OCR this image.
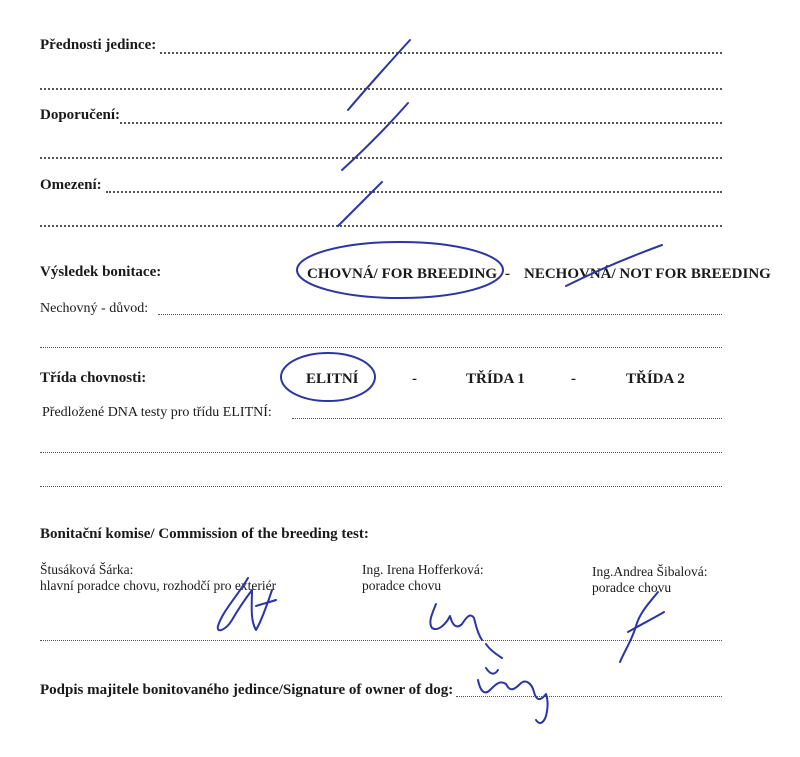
Přednosti jedince:
Doporučení:
Omezení:
Výsledek bonitace:	CHOVNÁ/ FOR BREEDING - NECHOVNÁ/ NOT FOR BREEDING
Nechovný - důvod:
Třída chovnosti:	ELITNÍ	-	TŘÍDA 1	-	TŘÍDA 2
Předložené DNA testy pro třídu ELITNÍ:
Bonitační komise/ Commission of the breeding test:
Štusáková Šárka:
hlavní poradce chovu, rozhodčí pro exteriér
Ing. Irena Hofferková:
poradce chovu
Ing.Andrea Šibalová:
poradce chovu
Podpis majitele bonitovaného jedince/Signature of owner of dog:
